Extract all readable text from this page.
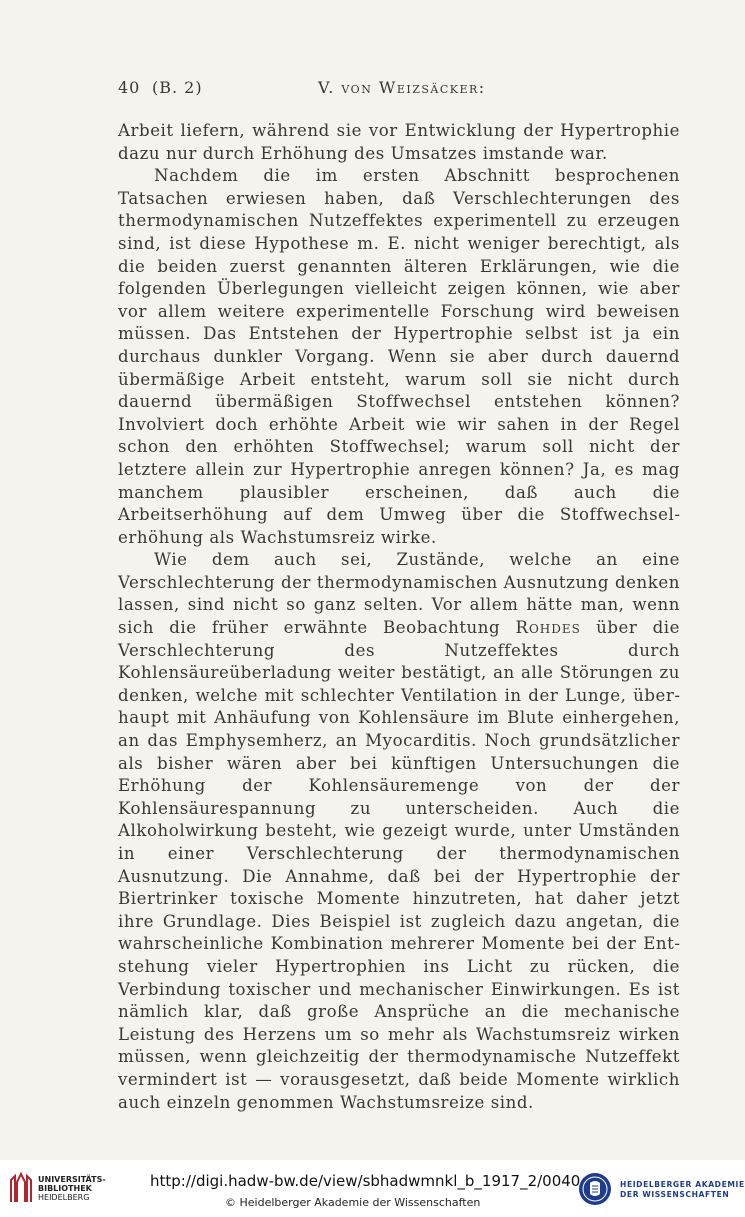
40 (B. 2)	V. von Weizsäcker:

Arbeit liefern, während sie vor Entwicklung der Hypertrophie dazu nur durch Erhöhung des Umsatzes imstande war.

Nachdem die im ersten Abschnitt besprochenen Tatsachen erwiesen haben, daß Verschlechterungen des thermodynamischen Nutzeffektes experimentell zu erzeugen sind, ist diese Hypothese m. E. nicht weniger berechtigt, als die beiden zuerst genannten älteren Erklärungen, wie die folgenden Überlegungen vielleicht zeigen können, wie aber vor allem weitere experimentelle Forschung wird beweisen müssen. Das Entstehen der Hypertrophie selbst ist ja ein durchaus dunkler Vorgang. Wenn sie aber durch dauernd übermäßige Arbeit entsteht, warum soll sie nicht durch dauernd übermäßigen Stoffwechsel entstehen können? Involviert doch erhöhte Arbeit wie wir sahen in der Regel schon den erhöhten Stoffwechsel; warum soll nicht der letztere allein zur Hypertrophie anregen können? Ja, es mag manchem plausibler erscheinen, daß auch die Arbeitserhöhung auf dem Umweg über die Stoffwechselerhöhung als Wachstumsreiz wirke.

Wie dem auch sei, Zustände, welche an eine Verschlechterung der thermodynamischen Ausnutzung denken lassen, sind nicht so ganz selten. Vor allem hätte man, wenn sich die früher erwähnte Beobachtung Rohdes über die Verschlechterung des Nutzeffektes durch Kohlensäureüberladung weiter bestätigt, an alle Störungen zu denken, welche mit schlechter Ventilation in der Lunge, überhaupt mit Anhäufung von Kohlensäure im Blute einhergehen, an das Emphysemherz, an Myocarditis. Noch grundsätzlicher als bisher wären aber bei künftigen Untersuchungen die Erhöhung der Kohlensäuremenge von der der Kohlensäurespannung zu unterscheiden. Auch die Alkoholwirkung besteht, wie gezeigt wurde, unter Umständen in einer Verschlechterung der thermodynamischen Ausnutzung. Die Annahme, daß bei der Hypertrophie der Biertrinker toxische Momente hinzutreten, hat daher jetzt ihre Grundlage. Dies Beispiel ist zugleich dazu angetan, die wahrscheinliche Kombination mehrerer Momente bei der Entstehung vieler Hypertrophien ins Licht zu rücken, die Verbindung toxischer und mechanischer Einwirkungen. Es ist nämlich klar, daß große Ansprüche an die mechanische Leistung des Herzens um so mehr als Wachstumsreiz wirken müssen, wenn gleichzeitig der thermodynamische Nutzeffekt vermindert ist — vorausgesetzt, daß beide Momente wirklich auch einzeln genommen Wachstumsreize sind.

UNIVERSITÄTS-
BIBLIOTHEK
HEIDELBERG
http://digi.hadw-bw.de/view/sbhadwmnkl_b_1917_2/0040
© Heidelberger Akademie der Wissenschaften
HEIDELBERGER AKADEMIE
DER WISSENSCHAFTEN
